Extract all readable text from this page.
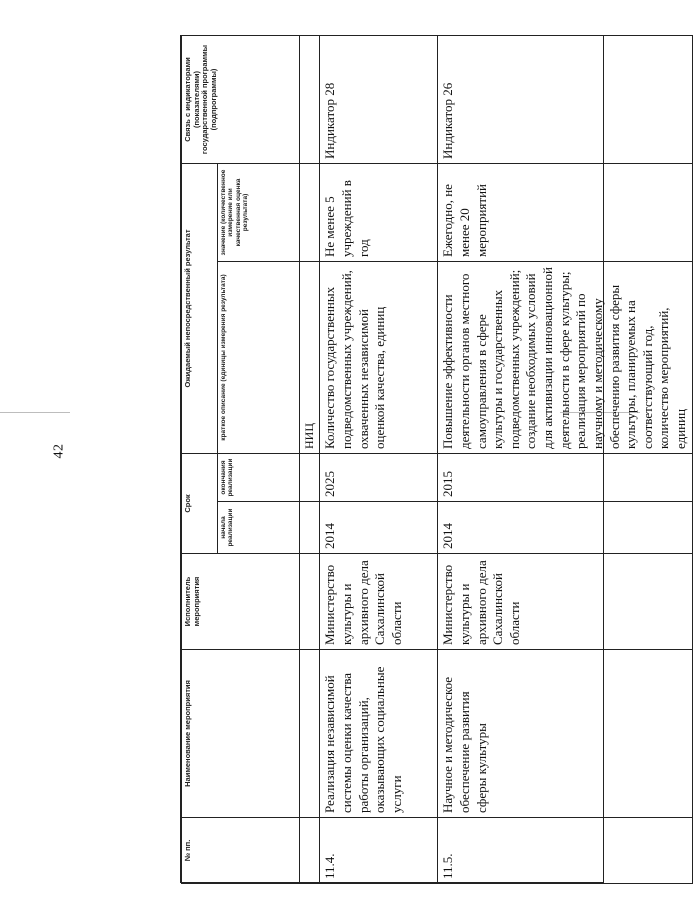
42
№ пп.	Наименование мероприятия	Исполнитель мероприятия	Срок		Ожидаемый непосредственный результат		Связь с индикаторами (показателями) государственной программы (подпрограммы)
			начала реализации	окончания реализации	краткое описание (единицы измерения результата)	значение (количественное измерение или качественная оценка результата)	
					НИЦ		
11.4.	Реализация независимой системы оценки качества работы организаций, оказывающих социальные услуги	Министерство культуры и архивного дела Сахалинской области	2014	2025	Количество государственных подведомственных учреждений, охваченных независимой оценкой качества, единиц	Не менее 5 учреждений в год	Индикатор 28
11.5.	Научное и методическое обеспечение развития сферы культуры	Министерство культуры и архивного дела Сахалинской области	2014	2015	Повышение эффективности деятельности органов местного самоуправления в сфере культуры и государственных подведомственных учреждений; создание необходимых условий для активизации инновационной деятельности в сфере культуры; реализация мероприятий по научному и методическому обеспечению развития сферы культуры, планируемых на соответствующий год, количество мероприятий, единиц	Ежегодно, не менее 20 мероприятий	Индикатор 26
